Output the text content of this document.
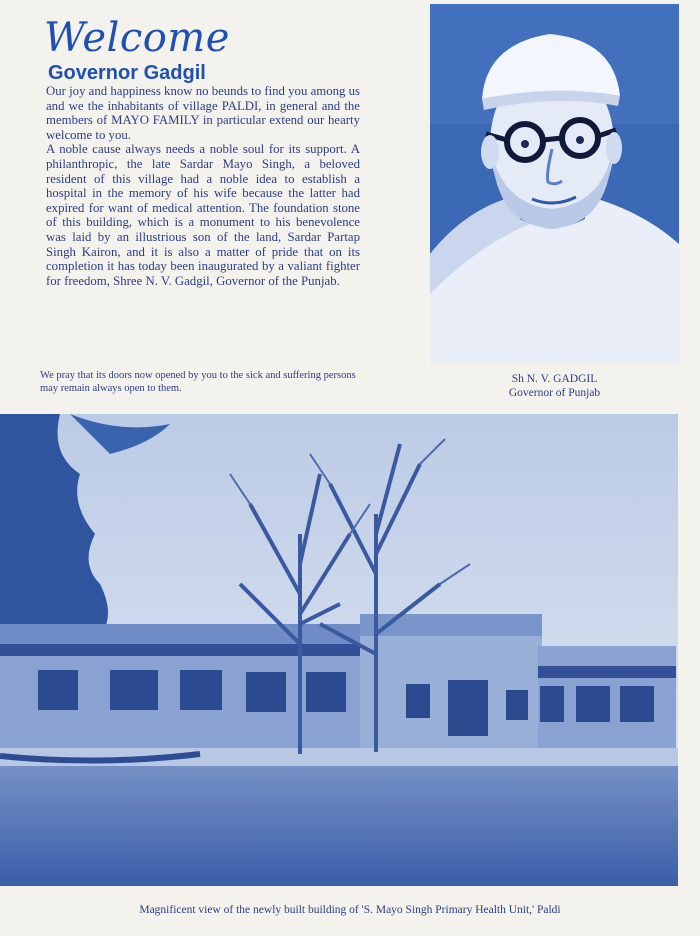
Welcome
Governor Gadgil

Our joy and happiness know no beunds to find you among us and we the inhabitants of village PALDI, in general and the members of MAYO FAMILY in particular extend our hearty welcome to you.

A noble cause always needs a noble soul for its support. A philanthropic, the late Sardar Mayo Singh, a beloved resident of this village had a noble idea to establish a hospital in the memory of his wife because the latter had expired for want of medical attention. The foundation stone of this building, which is a monument to his benevolence was laid by an illustrious son of the land, Sardar Partap Singh Kairon, and it is also a matter of pride that on its completion it has today been inaugurated by a valiant fighter for freedom, Shree N. V. Gadgil, Governor of the Punjab.

We pray that its doors now opened by you to the sick and suffering persons may remain always open to them.
Sh N. V. GADGIL
Governor of Punjab
Magnificent view of the newly built building of 'S. Mayo Singh Primary Health Unit,' Paldi
